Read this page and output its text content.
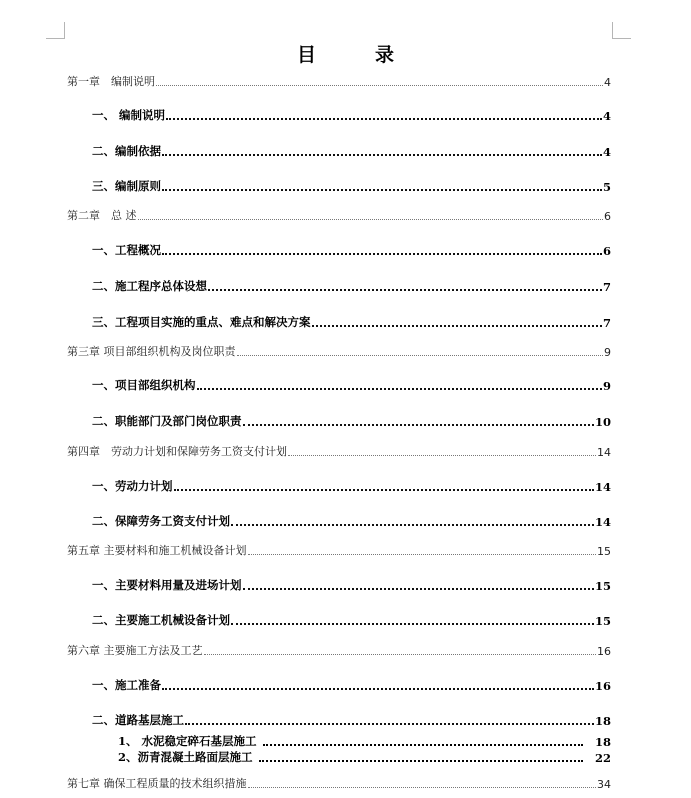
目　录
第一章　编制说明	4
一、 编制说明	4
二、编制依据	4
三、编制原则	5
第二章　总 述	6
一、工程概况	6
二、施工程序总体设想	7
三、工程项目实施的重点、难点和解决方案	7
第三章 项目部组织机构及岗位职责	9
一、项目部组织机构	9
二、职能部门及部门岗位职责	10
第四章　劳动力计划和保障劳务工资支付计划	14
一、劳动力计划	14
二、保障劳务工资支付计划	14
第五章 主要材料和施工机械设备计划	15
一、主要材料用量及进场计划	15
二、主要施工机械设备计划	15
第六章 主要施工方法及工艺	16
一、施工准备	16
二、道路基层施工	18
1、 水泥稳定碎石基层施工	18
2、沥青混凝土路面层施工	22
第七章 确保工程质量的技术组织措施	34
